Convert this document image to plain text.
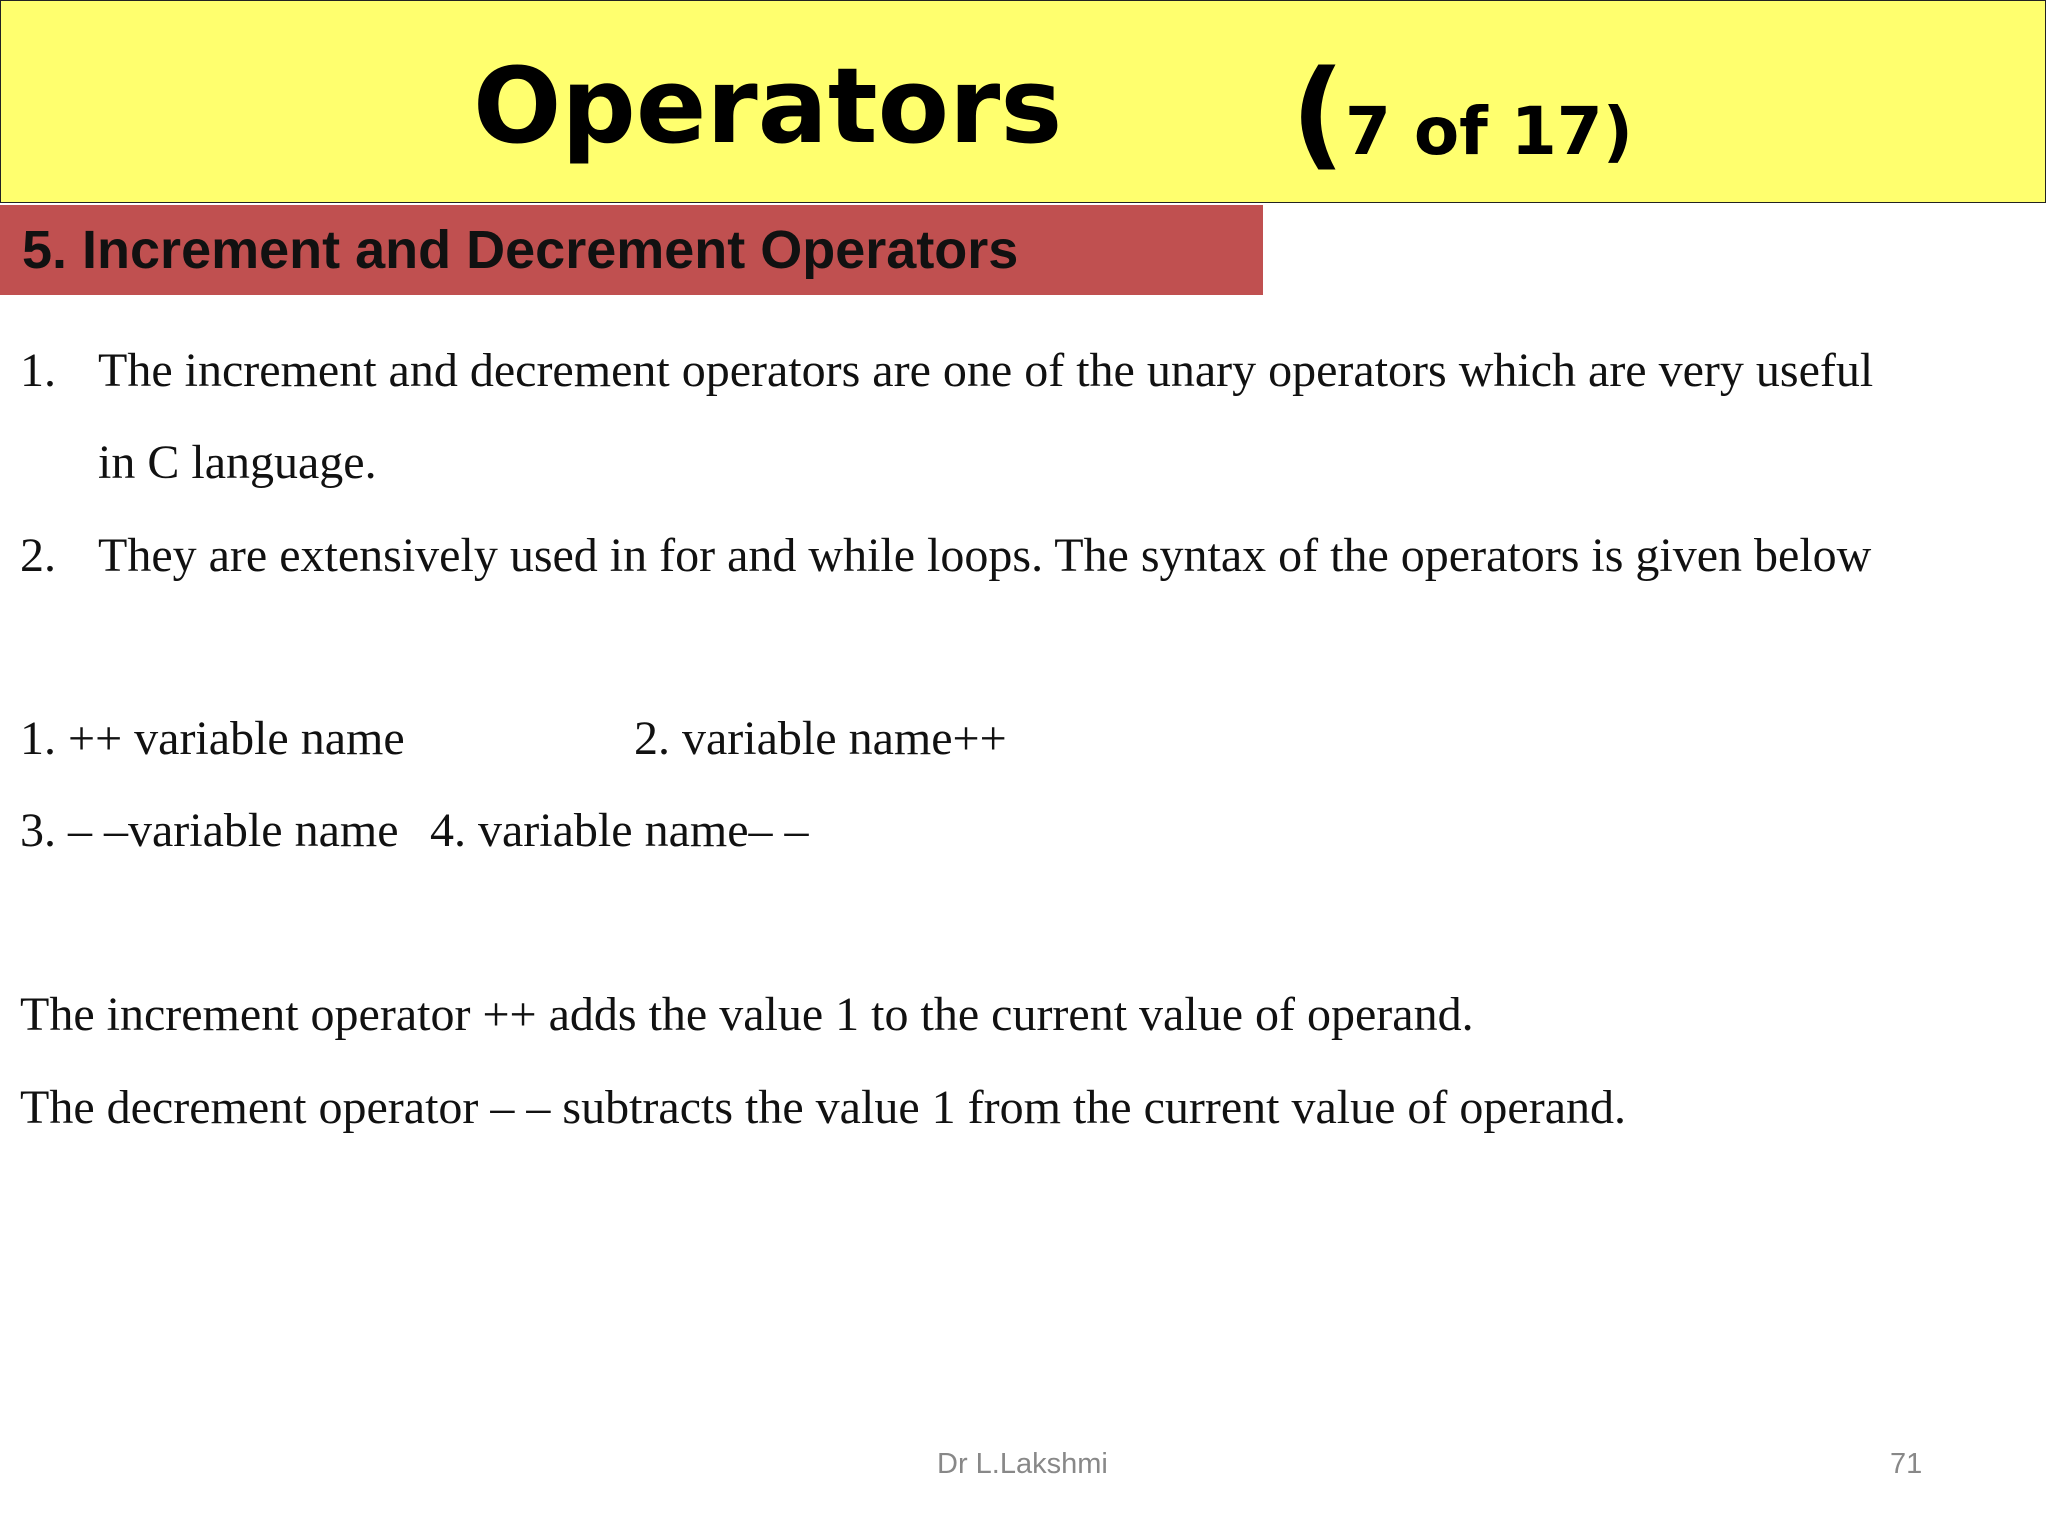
Operators ( 7 of 17)
5. Increment and Decrement Operators
1. The increment and decrement operators are one of the unary operators which are very useful
in C language.
2. They are extensively used in for and while loops. The syntax of the operators is given below
1. ++ variable name	2. variable name++
3. – –variable name 4. variable name– –
The increment operator ++ adds the value 1 to the current value of operand.
The decrement operator – – subtracts the value 1 from the current value of operand.
Dr L.Lakshmi	71
